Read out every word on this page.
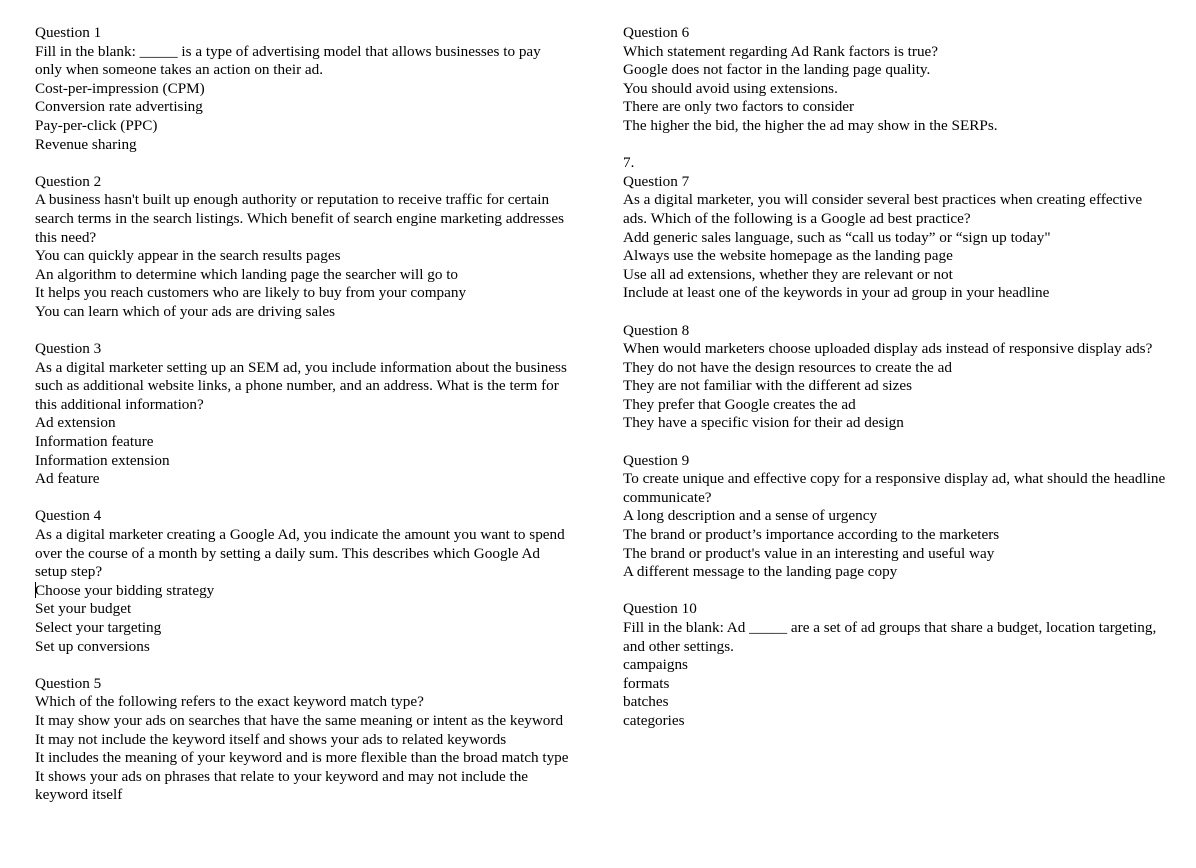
Question 1
Fill in the blank: _____ is a type of advertising model that allows businesses to pay only when someone takes an action on their ad.
Cost-per-impression (CPM)
Conversion rate advertising
Pay-per-click (PPC)
Revenue sharing
Question 2
A business hasn't built up enough authority or reputation to receive traffic for certain search terms in the search listings. Which benefit of search engine marketing addresses this need?
You can quickly appear in the search results pages
An algorithm to determine which landing page the searcher will go to
It helps you reach customers who are likely to buy from your company
You can learn which of your ads are driving sales
Question 3
As a digital marketer setting up an SEM ad, you include information about the business such as additional website links, a phone number, and an address. What is the term for this additional information?
Ad extension
Information feature
Information extension
Ad feature
Question 4
As a digital marketer creating a Google Ad, you indicate the amount you want to spend over the course of a month by setting a daily sum. This describes which Google Ad setup step?
Choose your bidding strategy
Set your budget
Select your targeting
Set up conversions
Question 5
Which of the following refers to the exact keyword match type?
It may show your ads on searches that have the same meaning or intent as the keyword
It may not include the keyword itself and shows your ads to related keywords
It includes the meaning of your keyword and is more flexible than the broad match type
It shows your ads on phrases that relate to your keyword and may not include the keyword itself
Question 6
Which statement regarding Ad Rank factors is true?
Google does not factor in the landing page quality.
You should avoid using extensions.
There are only two factors to consider
The higher the bid, the higher the ad may show in the SERPs.
7.
Question 7
As a digital marketer, you will consider several best practices when creating effective ads. Which of the following is a Google ad best practice?
Add generic sales language, such as “call us today” or “sign up today"
Always use the website homepage as the landing page
Use all ad extensions, whether they are relevant or not
Include at least one of the keywords in your ad group in your headline
Question 8
When would marketers choose uploaded display ads instead of responsive display ads?
They do not have the design resources to create the ad
They are not familiar with the different ad sizes
They prefer that Google creates the ad
They have a specific vision for their ad design
Question 9
To create unique and effective copy for a responsive display ad, what should the headline communicate?
A long description and a sense of urgency
The brand or product’s importance according to the marketers
The brand or product's value in an interesting and useful way
A different message to the landing page copy
Question 10
Fill in the blank: Ad _____ are a set of ad groups that share a budget, location targeting, and other settings.
campaigns
formats
batches
categories
